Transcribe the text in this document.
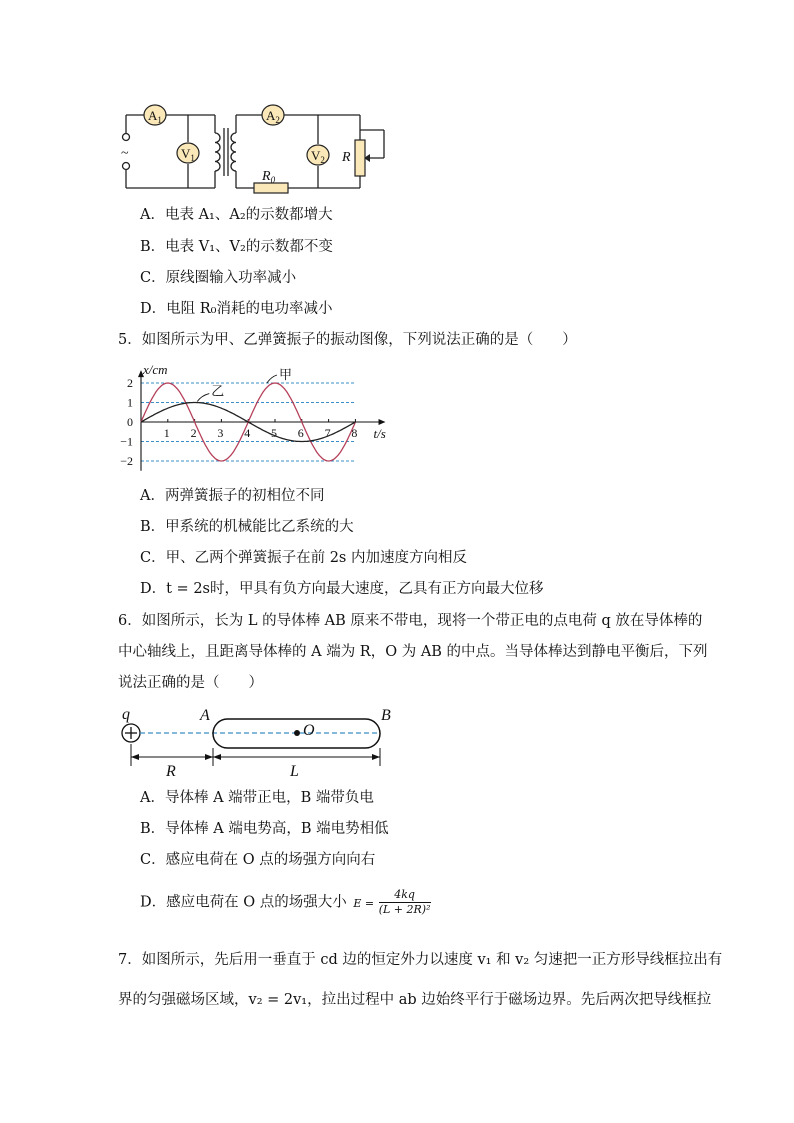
$A_1$	$A_2$
$V_1$	$V_2$
~	R
$R_0$
A．电表 A₁、A₂的示数都增大
B．电表 V₁、V₂的示数都不变
C．原线圈输入功率减小
D．电阻 R₀消耗的电功率减小
5．如图所示为甲、乙弹簧振子的振动图像，下列说法正确的是（　　）
x/cm
t/s
1 2 3 4 5 6 7 8
2
1
0
−1
−2
甲
乙
A．两弹簧振子的初相位不同
B．甲系统的机械能比乙系统的大
C．甲、乙两个弹簧振子在前 2s 内加速度方向相反
D．t = 2s时，甲具有负方向最大速度，乙具有正方向最大位移
6．如图所示，长为 L 的导体棒 AB 原来不带电，现将一个带正电的点电荷 q 放在导体棒的
中心轴线上，且距离导体棒的 A 端为 R，O 为 AB 的中点。当导体棒达到静电平衡后，下列
说法正确的是（　　）
q	A	B
O
R	L
A．导体棒 A 端带正电，B 端带负电
B．导体棒 A 端电势高，B 端电势相低
C．感应电荷在 O 点的场强方向向右
D．感应电荷在 O 点的场强大小 $E = \frac{4kq}{\text{(L + 2R)²}}$
7．如图所示，先后用一垂直于 cd 边的恒定外力以速度 v₁ 和 v₂ 匀速把一正方形导线框拉出有
界的匀强磁场区域，v₂ = 2v₁，拉出过程中 ab 边始终平行于磁场边界。先后两次把导线框拉
